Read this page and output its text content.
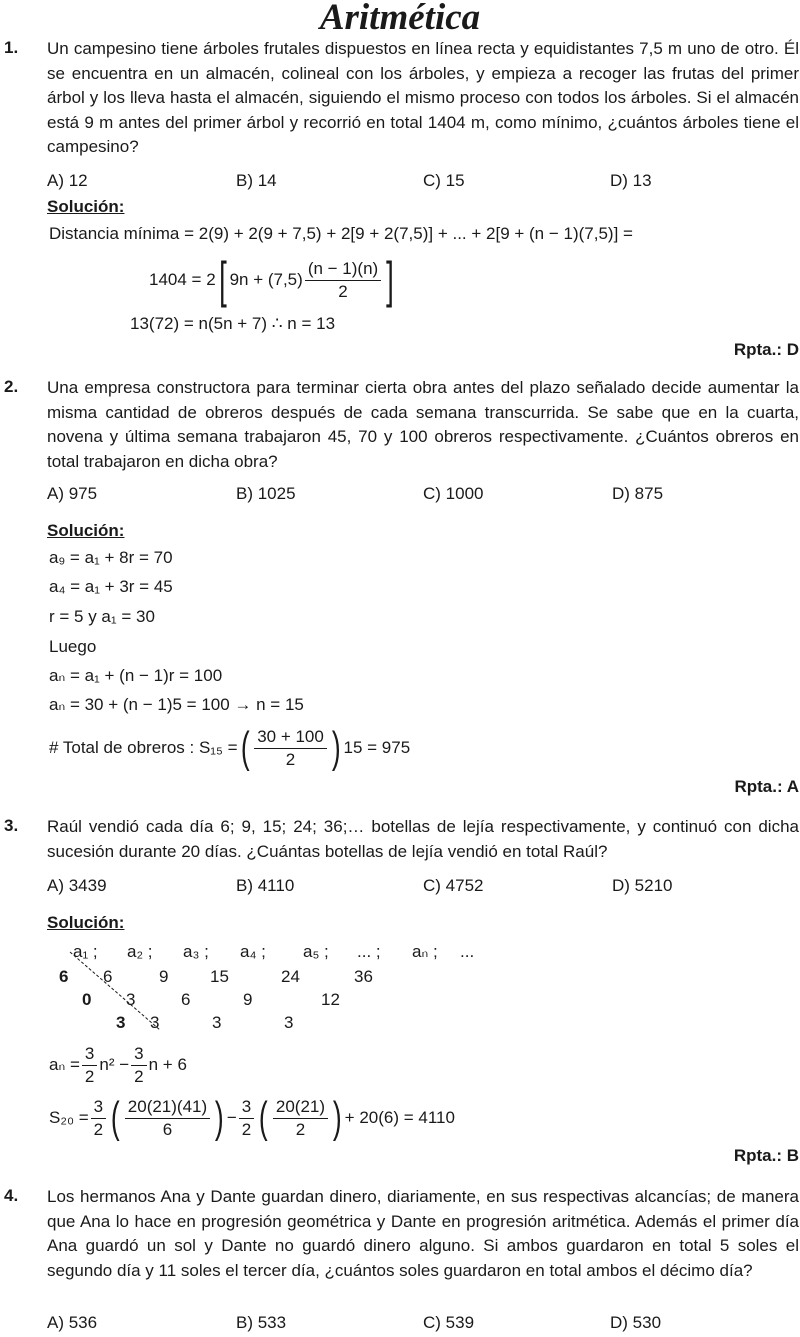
Aritmética
1. Un campesino tiene árboles frutales dispuestos en línea recta y equidistantes 7,5 m uno de otro. Él se encuentra en un almacén, colineal con los árboles, y empieza a recoger las frutas del primer árbol y los lleva hasta el almacén, siguiendo el mismo proceso con todos los árboles. Si el almacén está 9 m antes del primer árbol y recorrió en total 1404 m, como mínimo, ¿cuántos árboles tiene el campesino?

A) 12	B) 14	C) 15	D) 13
Solución:
Distancia mínima = 2(9) + 2(9 + 7,5) + 2[9 + 2(7,5)] + ... + 2[9 + (n − 1)(7,5)] =
1404 = 2 [ $9n + (7,5) \frac{(n - 1)(n)}{2}$ ]
13(72) = n(5n + 7) ∴ n = 13
Rpta.: D
2. Una empresa constructora para terminar cierta obra antes del plazo señalado decide aumentar la misma cantidad de obreros después de cada semana transcurrida. Se sabe que en la cuarta, novena y última semana trabajaron 45, 70 y 100 obreros respectivamente. ¿Cuántos obreros en total trabajaron en dicha obra?

A) 975	B) 1025	C) 1000	D) 875
Solución:
a₉ = a₁ + 8r = 70
a₄ = a₁ + 3r = 45
r = 5 y a₁ = 30
Luego
aₙ = a₁ + (n − 1)r = 100
aₙ = 30 + (n − 1)5 = 100 → n = 15
# Total de obreros : S₁₅ = ( $\frac{30 + 100}{2}$ ) 15 = 975
Rpta.: A
3. Raúl vendió cada día 6; 9, 15; 24; 36;… botellas de lejía respectivamente, y continuó con dicha sucesión durante 20 días. ¿Cuántas botellas de lejía vendió en total Raúl?

A) 3439	B) 4110	C) 4752	D) 5210
Solución:
a₁ ; a₂ ; a₃ ; a₄ ; a₅ ; ... ; aₙ ; ...
6 6	9 15	24	36
0 3	6	9	12
3 3	3	3
$a_n = \frac{3}{2} n^2 - \frac{3}{2}$ n + 6
$S_{20} = \frac{3}{2}$ ( $\frac{20(21)(41)}{6}$ ) − $\frac{3}{2}$ ( $\frac{20(21)}{2}$ ) + 20(6) = 4110
Rpta.: B
4. Los hermanos Ana y Dante guardan dinero, diariamente, en sus respectivas alcancías; de manera que Ana lo hace en progresión geométrica y Dante en progresión aritmética. Además el primer día Ana guardó un sol y Dante no guardó dinero alguno. Si ambos guardaron en total 5 soles el segundo día y 11 soles el tercer día, ¿cuántos soles guardaron en total ambos el décimo día?

A) 536	B) 533	C) 539	D) 530
